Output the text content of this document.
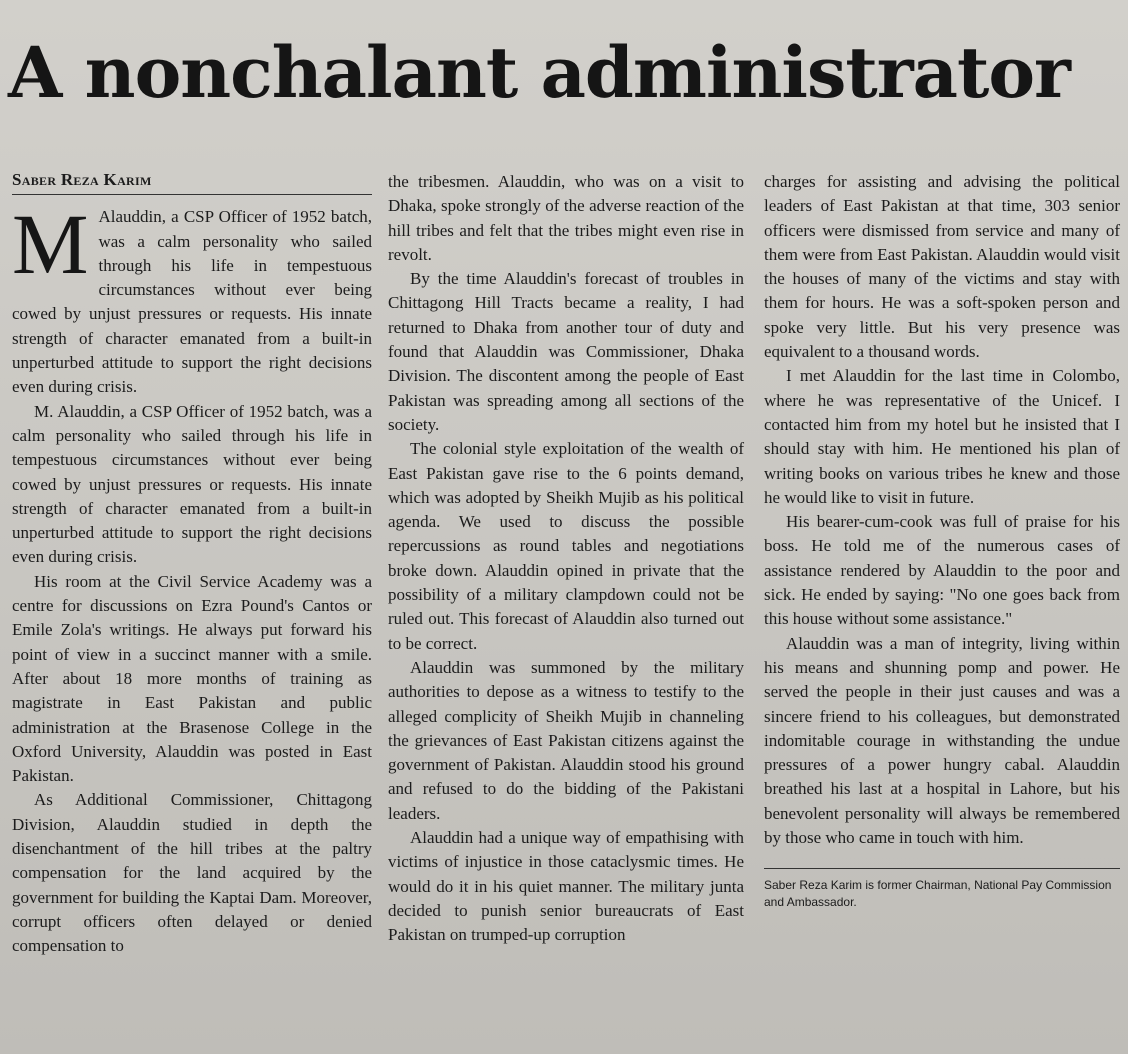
A nonchalant administrator
Saber Reza Karim

M Alauddin, a CSP Officer of 1952 batch, was a calm personality who sailed through his life in tempestuous circumstances without ever being cowed by unjust pressures or requests. His innate strength of character emanated from a built-in unperturbed attitude to support the right decisions even during crisis.

M. Alauddin, a CSP Officer of 1952 batch, was a calm personality who sailed through his life in tempestuous circumstances without ever being cowed by unjust pressures or requests. His innate strength of character emanated from a built-in unperturbed attitude to support the right decisions even during crisis.

His room at the Civil Service Academy was a centre for discussions on Ezra Pound's Cantos or Emile Zola's writings. He always put forward his point of view in a succinct manner with a smile. After about 18 more months of training as magistrate in East Pakistan and public administration at the Brasenose College in the Oxford University, Alauddin was posted in East Pakistan.

As Additional Commissioner, Chittagong Division, Alauddin studied in depth the disenchantment of the hill tribes at the paltry compensation for the land acquired by the government for building the Kaptai Dam. Moreover, corrupt officers often delayed or denied compensation to

the tribesmen. Alauddin, who was on a visit to Dhaka, spoke strongly of the adverse reaction of the hill tribes and felt that the tribes might even rise in revolt.

By the time Alauddin's forecast of troubles in Chittagong Hill Tracts became a reality, I had returned to Dhaka from another tour of duty and found that Alauddin was Commissioner, Dhaka Division. The discontent among the people of East Pakistan was spreading among all sections of the society.

The colonial style exploitation of the wealth of East Pakistan gave rise to the 6 points demand, which was adopted by Sheikh Mujib as his political agenda. We used to discuss the possible repercussions as round tables and negotiations broke down. Alauddin opined in private that the possibility of a military clampdown could not be ruled out. This forecast of Alauddin also turned out to be correct.

Alauddin was summoned by the military authorities to depose as a witness to testify to the alleged complicity of Sheikh Mujib in channeling the grievances of East Pakistan citizens against the government of Pakistan. Alauddin stood his ground and refused to do the bidding of the Pakistani leaders.

Alauddin had a unique way of empathising with victims of injustice in those cataclysmic times. He would do it in his quiet manner. The military junta decided to punish senior bureaucrats of East Pakistan on trumped-up corruption

charges for assisting and advising the political leaders of East Pakistan at that time, 303 senior officers were dismissed from service and many of them were from East Pakistan. Alauddin would visit the houses of many of the victims and stay with them for hours. He was a soft-spoken person and spoke very little. But his very presence was equivalent to a thousand words.

I met Alauddin for the last time in Colombo, where he was representative of the Unicef. I contacted him from my hotel but he insisted that I should stay with him. He mentioned his plan of writing books on various tribes he knew and those he would like to visit in future.

His bearer-cum-cook was full of praise for his boss. He told me of the numerous cases of assistance rendered by Alauddin to the poor and sick. He ended by saying: "No one goes back from this house without some assistance."

Alauddin was a man of integrity, living within his means and shunning pomp and power. He served the people in their just causes and was a sincere friend to his colleagues, but demonstrated indomitable courage in withstanding the undue pressures of a power hungry cabal. Alauddin breathed his last at a hospital in Lahore, but his benevolent personality will always be remembered by those who came in touch with him.

Saber Reza Karim is former Chairman, National Pay Commission and Ambassador.
